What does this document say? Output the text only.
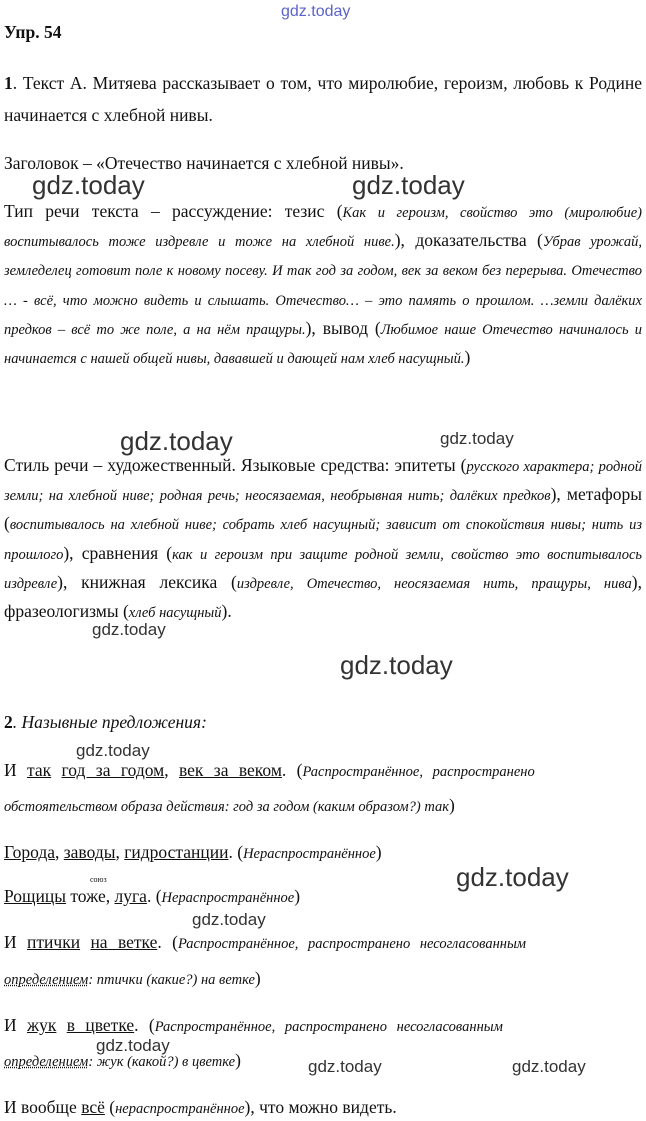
gdz.today
gdz.today	gdz.today
gdz.today	gdz.today
gdz.today
gdz.today
gdz.today
gdz.today
gdz.today
gdz.today
gdz.today	gdz.today
Упр. 54
1. Текст А. Митяева рассказывает о том, что миролюбие, героизм, любовь к Родине начинается с хлебной нивы.
Заголовок – «Отечество начинается с хлебной нивы».
Тип речи текста – рассуждение: тезис (Как и героизм, свойство это (миролюбие) воспитывалось тоже издревле и тоже на хлебной ниве.), доказательства (Убрав урожай, земледелец готовит поле к новому посеву. И так год за годом, век за веком без перерыва. Отечество … - всё, что можно видеть и слышать. Отечество… – это память о прошлом. …земли далёких предков – всё то же поле, а на нём пращуры.), вывод (Любимое наше Отечество начиналось и начинается с нашей общей нивы, дававшей и дающей нам хлеб насущный.)
Стиль речи – художественный. Языковые средства: эпитеты (русского характера; родной земли; на хлебной ниве; родная речь; неосязаемая, необрывная нить; далёких предков), метафоры (воспитывалось на хлебной ниве; собрать хлеб насущный; зависит от спокойствия нивы; нить из прошлого), сравнения (как и героизм при защите родной земли, свойство это воспитывалось издревле), книжная лексика (издревле, Отечество, неосязаемая нить, пращуры, нива), фразеологизмы (хлеб насущный).
2. Назывные предложения:
И так год за годом, век за веком. (Распространённое, распространено
обстоятельством образа действия: год за годом (каким образом?) так)
Города, заводы, гидростанции. (Нераспространённое)
союз
Рощицы тоже, луга. (Нераспространённое)
И птички на ветке. (Распространённое, распространено несогласованным
определением: птички (какие?) на ветке)
И жук в цветке. (Распространённое, распространено несогласованным
определением: жук (какой?) в цветке)
И вообще всё (нераспространённое), что можно видеть.
